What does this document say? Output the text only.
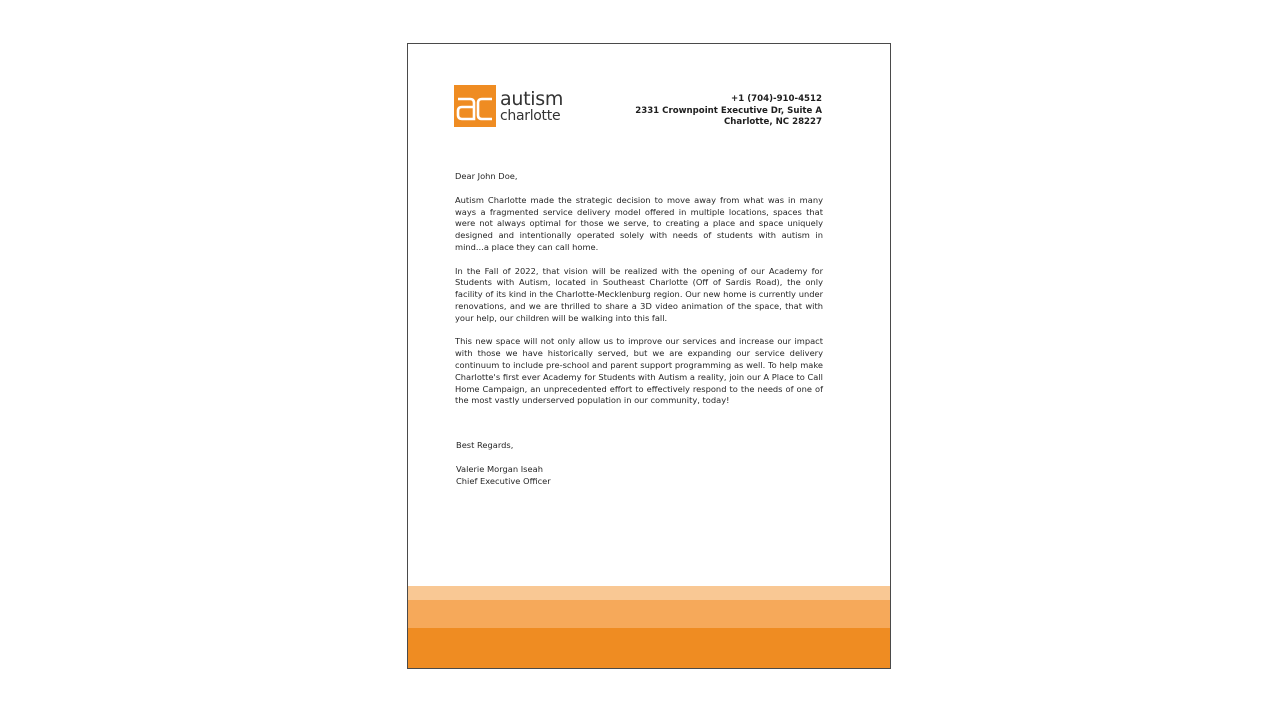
autism
charlotte
+1 (704)-910-4512
2331 Crownpoint Executive Dr, Suite A
Charlotte, NC 28227

Dear John Doe,

Autism Charlotte made the strategic decision to move away from what was in many ways a fragmented service delivery model offered in multiple locations, spaces that were not always optimal for those we serve, to creating a place and space uniquely designed and intentionally operated solely with needs of students with autism in mind...a place they can call home.

In the Fall of 2022, that vision will be realized with the opening of our Academy for Students with Autism, located in Southeast Charlotte (Off of Sardis Road), the only facility of its kind in the Charlotte-Mecklenburg region. Our new home is currently under renovations, and we are thrilled to share a 3D video animation of the space, that with your help, our children will be walking into this fall.

This new space will not only allow us to improve our services and increase our impact with those we have historically served, but we are expanding our service delivery continuum to include pre-school and parent support programming as well. To help make Charlotte's first ever Academy for Students with Autism a reality, join our A Place to Call Home Campaign, an unprecedented effort to effectively respond to the needs of one of the most vastly underserved population in our community, today!

Best Regards,
Valerie Morgan Iseah
Chief Executive Officer
